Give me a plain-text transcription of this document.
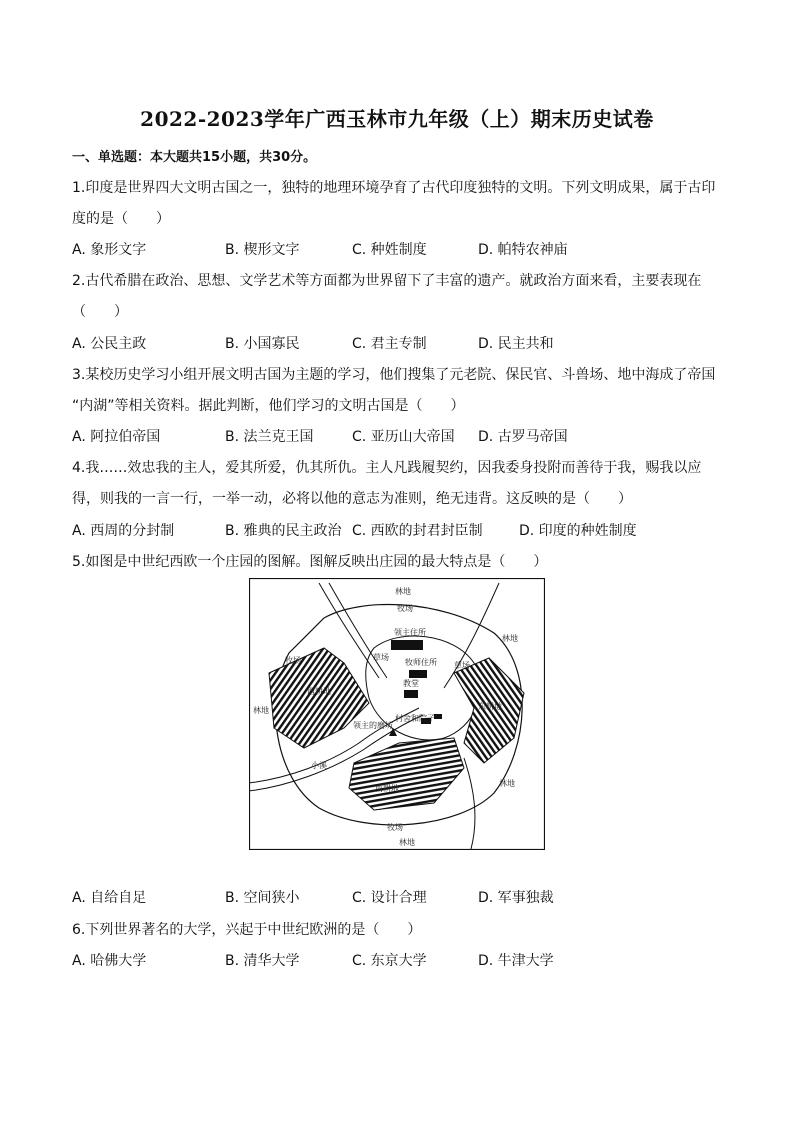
2022-2023学年广西玉林市九年级（上）期末历史试卷
一、单选题：本大题共15小题，共30分。
1.印度是世界四大文明古国之一，独特的地理环境孕育了古代印度独特的文明。下列文明成果，属于古印
度的是（　　）
A. 象形文字	B. 楔形文字	C. 种姓制度	D. 帕特农神庙
2.古代希腊在政治、思想、文学艺术等方面都为世界留下了丰富的遗产。就政治方面来看，主要表现在
（　　）
A. 公民主政	B. 小国寡民	C. 君主专制	D. 民主共和
3.某校历史学习小组开展文明古国为主题的学习，他们搜集了元老院、保民官、斗兽场、地中海成了帝国
“内湖”等相关资料。据此判断，他们学习的文明古国是（　　）
A. 阿拉伯帝国	B. 法兰克王国	C. 亚历山大帝国 D. 古罗马帝国
4.我……效忠我的主人，爱其所爱，仇其所仇。主人凡践履契约，因我委身投附而善待于我，赐我以应
得，则我的一言一行，一举一动，必将以他的意志为准则，绝无违背。这反映的是（　　）
A. 西周的分封制	B. 雅典的民主政治 C. 西欧的封君封臣制	D. 印度的种姓制度
5.如图是中世纪西欧一个庄园的图解。图解反映出庄园的最大特点是（　　）
林地
牧场
领主住所
林地
牧场	草场
牧师住所 草场
西耕地
教堂
东耕地
林地
村舍和院子
领主的磨坊
小溪
南耕地
林地
牧场
林地
A. 自给自足	B. 空间狭小	C. 设计合理	D. 军事独裁
6.下列世界著名的大学，兴起于中世纪欧洲的是（　　）
A. 哈佛大学	B. 清华大学	C. 东京大学	D. 牛津大学
